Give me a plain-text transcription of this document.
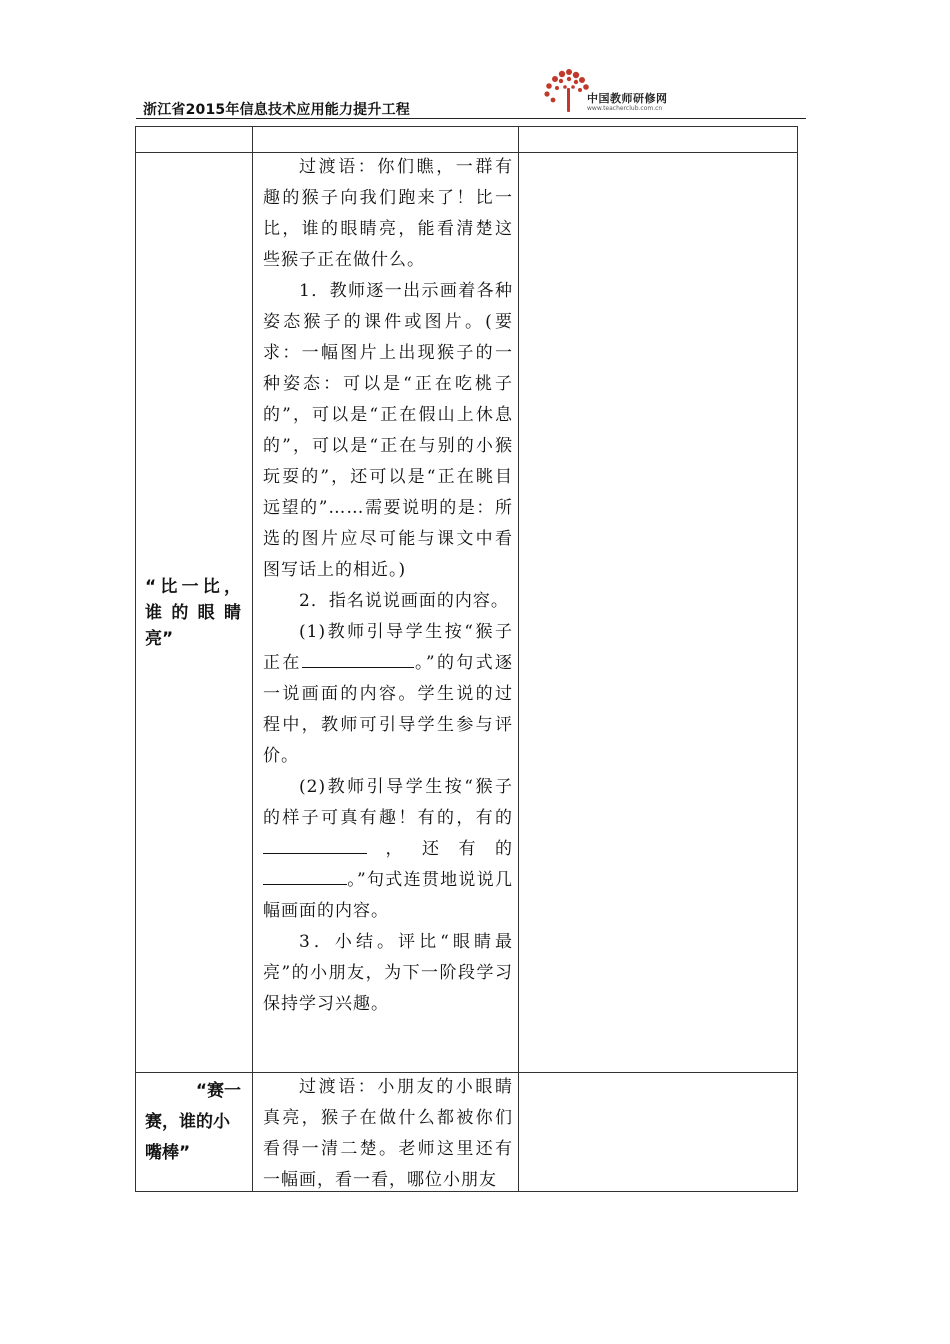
浙江省2015年信息技术应用能力提升工程
中国教师研修网
www.teacherclub.com.cn
“比一比，谁的眼睛亮”

过渡语：你们瞧，一群有趣的猴子向我们跑来了！比一比，谁的眼睛亮，能看清楚这些猴子正在做什么。

1．教师逐一出示画着各种姿态猴子的课件或图片。(要求：一幅图片上出现猴子的一种姿态：可以是“正在吃桃子的”，可以是“正在假山上休息的”，可以是“正在与别的小猴玩耍的”，还可以是“正在眺目远望的”……需要说明的是：所选的图片应尽可能与课文中看图写话上的相近。)

2．指名说说画面的内容。

(1)教师引导学生按“猴子正在	。”的句式逐一说画面的内容。学生说的过程中，教师可引导学生参与评价。

(2)教师引导学生按“猴子的样子可真有趣！有的，有的，还有的。”句式连贯地说说几幅画面的内容。

3．小结。评比“眼睛最亮”的小朋友，为下一阶段学习保持学习兴趣。

“赛一
赛，谁的小嘴棒”

过渡语：小朋友的小眼睛真亮，猴子在做什么都被你们看得一清二楚。老师这里还有一幅画，看一看，哪位小朋友
